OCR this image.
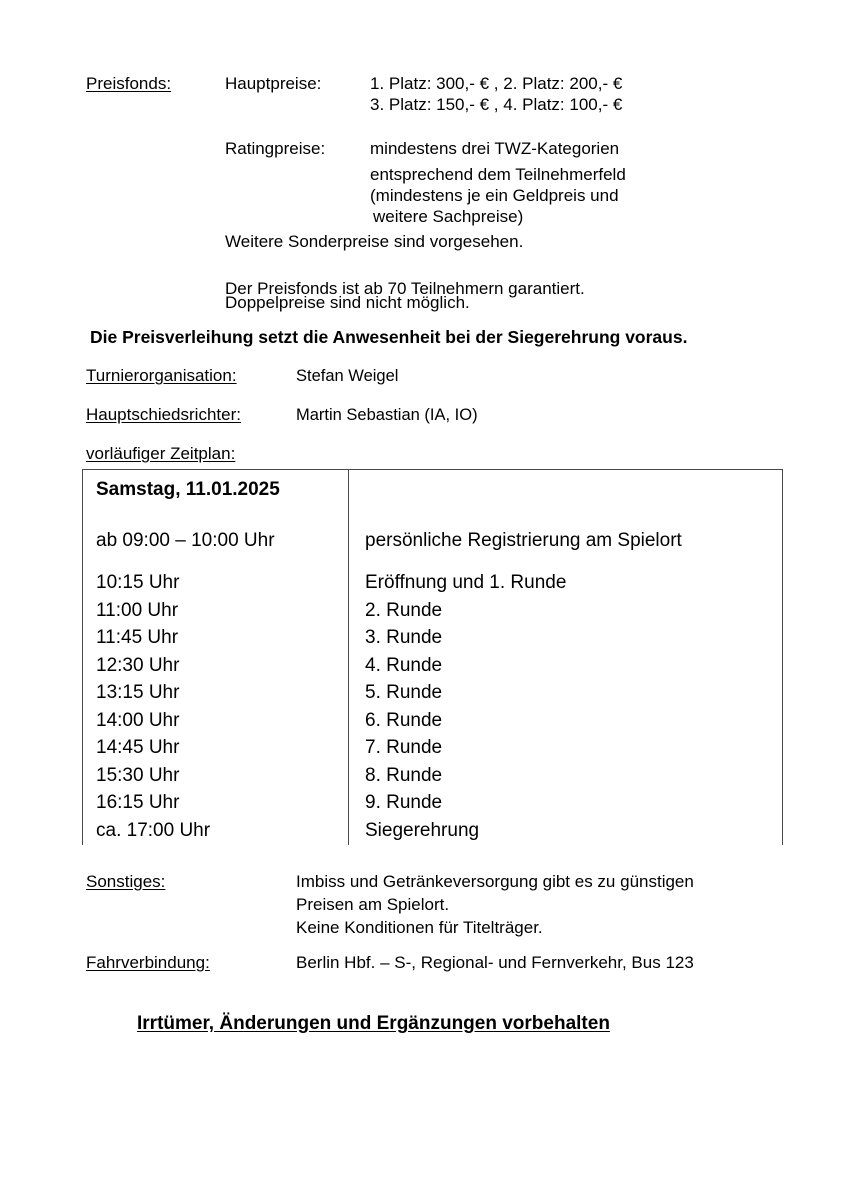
Preisfonds:	Hauptpreise:	1. Platz: 300,- € , 2. Platz: 200,- €
3. Platz: 150,- € , 4. Platz: 100,- €
Ratingpreise:	mindestens drei TWZ-Kategorien
entsprechend dem Teilnehmerfeld
(mindestens je ein Geldpreis und
weitere Sachpreise)
Weitere Sonderpreise sind vorgesehen.
Der Preisfonds ist ab 70 Teilnehmern garantiert.
Doppelpreise sind nicht möglich.
Die Preisverleihung setzt die Anwesenheit bei der Siegerehrung voraus.
Turnierorganisation:	Stefan Weigel
Hauptschiedsrichter:	Martin Sebastian (IA, IO)
vorläufiger Zeitplan:
Samstag, 11.01.2025
ab 09:00 – 10:00 Uhr	persönliche Registrierung am Spielort
10:15 Uhr	Eröffnung und 1. Runde
11:00 Uhr	2. Runde
11:45 Uhr	3. Runde
12:30 Uhr	4. Runde
13:15 Uhr	5. Runde
14:00 Uhr	6. Runde
14:45 Uhr	7. Runde
15:30 Uhr	8. Runde
16:15 Uhr	9. Runde
ca. 17:00 Uhr	Siegerehrung
Sonstiges:	Imbiss und Getränkeversorgung gibt es zu günstigen
Preisen am Spielort.
Keine Konditionen für Titelträger.
Fahrverbindung:	Berlin Hbf. – S-, Regional- und Fernverkehr, Bus 123
Irrtümer, Änderungen und Ergänzungen vorbehalten
